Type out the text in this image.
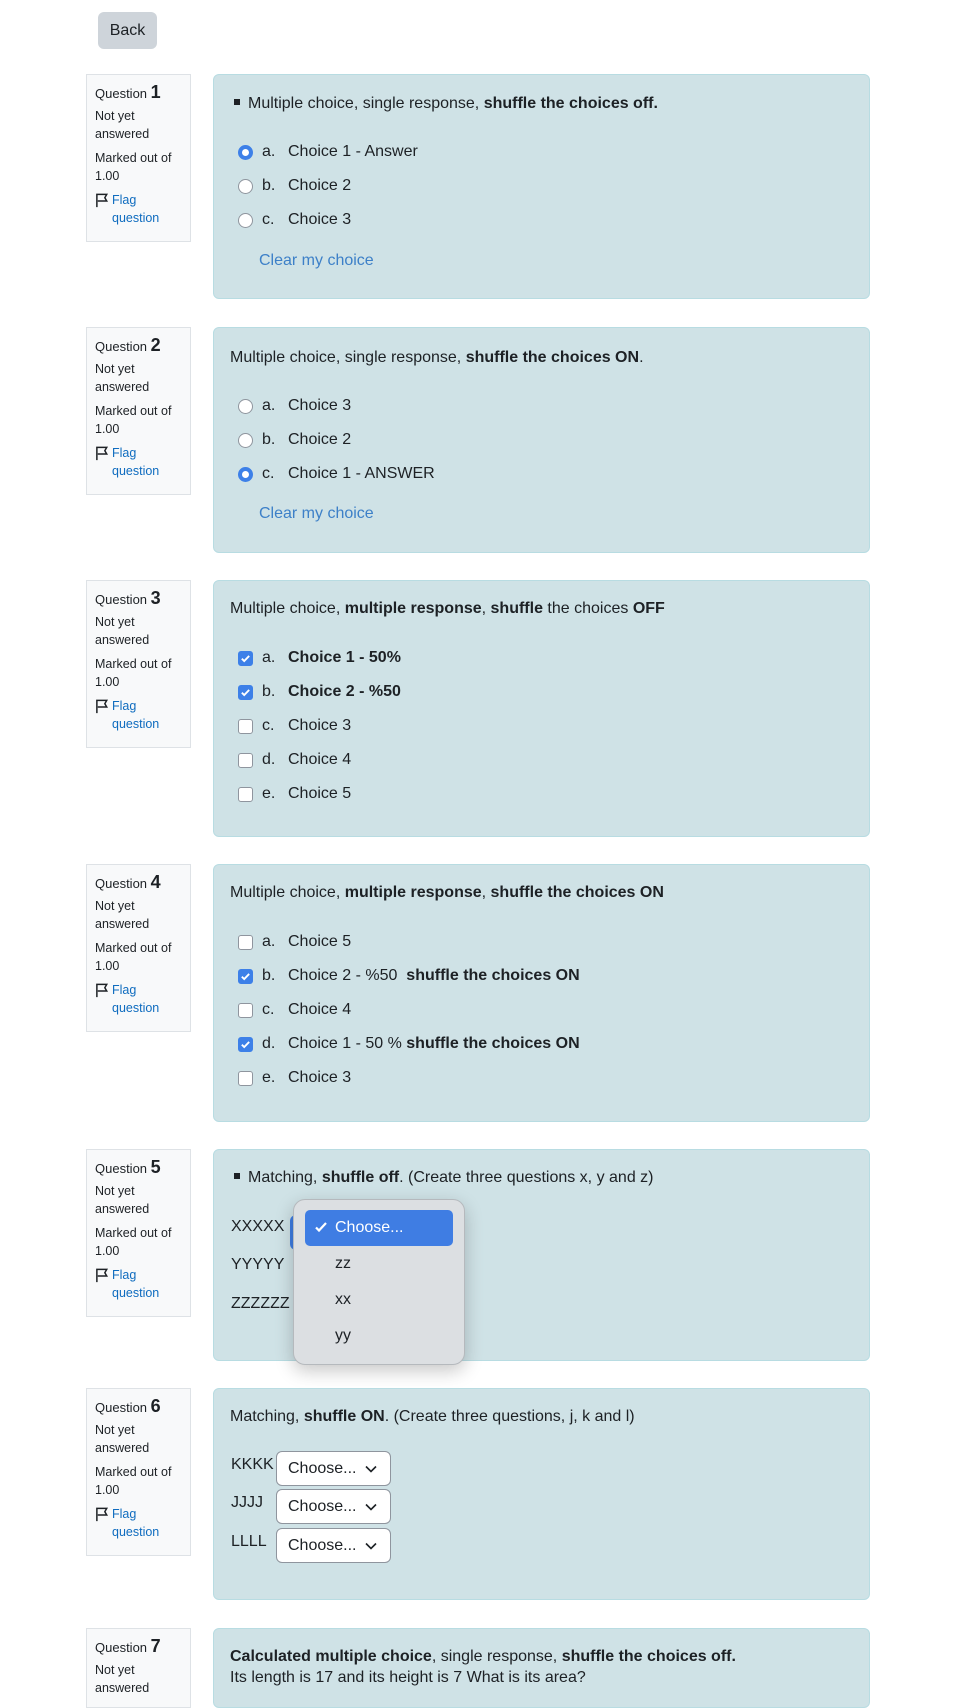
Back
Question 1
Not yet answered
Marked out of 1.00
Flag question
Multiple choice, single response, shuffle the choices off.
a. Choice 1 - Answer
b. Choice 2
c. Choice 3
Clear my choice
Question 2
Not yet answered
Marked out of 1.00
Flag question
Multiple choice, single response, shuffle the choices ON.
a. Choice 3
b. Choice 2
c. Choice 1 - ANSWER
Clear my choice
Question 3
Not yet answered
Marked out of 1.00
Flag question
Multiple choice, multiple response, shuffle the choices OFF
a. Choice 1 - 50%
b. Choice 2 - %50
c. Choice 3
d. Choice 4
e. Choice 5
Question 4
Not yet answered
Marked out of 1.00
Flag question
Multiple choice, multiple response, shuffle the choices ON
a. Choice 5
b. Choice 2 - %50
shuffle the choices ON
c. Choice 4
d. Choice 1 - 50 % shuffle the choices ON
e. Choice 3
Question 5
Not yet answered
Marked out of 1.00
Flag question
Matching, shuffle off. (Create three questions x, y and z)
XXXXX
YYYYY
ZZZZZZ
Choose...
zz
xx
yy
Question 6
Not yet answered
Marked out of 1.00
Flag question
Matching, shuffle ON. (Create three questions, j, k and l)
KKKK
JJJJ
LLLL
Choose...
Choose...
Choose...
Question 7
Not yet answered
Calculated multiple choice, single response, shuffle the choices off.
Its length is 17 and its height is 7 What is its area?
